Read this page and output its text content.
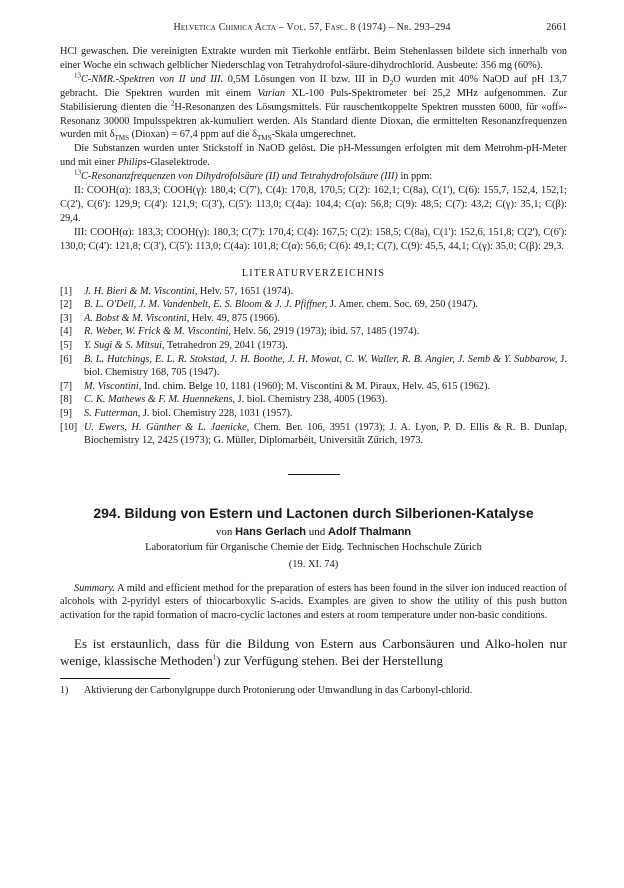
Helvetica Chimica Acta – Vol. 57, Fasc. 8 (1974) – Nr. 293–294	2661

HCl gewaschen. Die vereinigten Extrakte wurden mit Tierkohle entfärbt. Beim Stehenlassen bildete sich innerhalb von einer Woche ein schwach gelblicher Niederschlag von Tetrahydrofol-säure-dihydrochlorid. Ausbeute: 356 mg (60%).

$^{13}$C-NMR.-Spektren von II und III. 0,5M Lösungen von II bzw. III in $D_2O$ wurden mit 40% NaOD auf pH 13,7 gebracht. Die Spektren wurden mit einem Varian XL-100 Puls-Spektrometer bei 25,2 MHz aufgenommen. Zur Stabilisierung dienten die $^2$H-Resonanzen des Lösungsmittels. Für rauschentkoppelte Spektren mussten 6000, für «off»-Resonanz 30000 Impulsspektren ak-kumuliert werden. Als Standard diente Dioxan, die ermittelten Resonanzfrequenzen wurden mit $\delta_{TMS}$ (Dioxan) = 67,4 ppm auf die $\delta_{TMS}$-Skala umgerechnet.

Die Substanzen wurden unter Stickstoff in NaOD gelöst. Die pH-Messungen erfolgten mit dem Metrohm-pH-Meter und mit einer Philips-Glaselektrode.

$^{13}$C-Resonanzfrequenzen von Dihydrofolsäure (II) und Tetrahydrofolsäure (III) in ppm:

II: COOH(α): 183,3; COOH(γ): 180,4; C(7'), C(4): 170,8, 170,5; C(2): 162,1; C(8a), C(1'), C(6): 155,7, 152,4, 152,1; C(2'), C(6'): 129,9; C(4'): 121,9; C(3'), C(5'): 113,0; C(4a): 104,4; C(α): 56,8; C(9): 48,5; C(7): 43,2; C(γ): 35,1; C(β): 29,4.

III: COOH(α): 183,3; COOH(γ): 180,3; C(7'): 170,4; C(4): 167,5; C(2): 158,5; C(8a), C(1'): 152,6, 151,8; C(2'), C(6'): 130,0; C(4'): 121,8; C(3'), C(5'): 113,0; C(4a): 101,8; C(α): 56,6; C(6): 49,1; C(7), C(9): 45,5, 44,1; C(γ): 35,0; C(β): 29,3.

LITERATURVERZEICHNIS
[1]	J. H. Bieri & M. Viscontini, Helv. 57, 1651 (1974).
[2]	B. L. O'Dell, J. M. Vandenbelt, E. S. Bloom & J. J. Pfiffner, J. Amer. chem. Soc. 69, 250 (1947).
[3]	A. Bobst & M. Viscontini, Helv. 49, 875 (1966).
[4]	R. Weber, W. Frick & M. Viscontini, Helv. 56, 2919 (1973); ibid. 57, 1485 (1974).
[5]	Y. Sugi & S. Mitsui, Tetrahedron 29, 2041 (1973).
[6]	B. L. Hutchings, E. L. R. Stokstad, J. H. Boothe, J. H. Mowat, C. W. Waller, R. B. Angier, J. Semb & Y. Subbarow, J. biol. Chemistry 168, 705 (1947).
[7]	M. Viscontini, Ind. chim. Belge 10, 1181 (1960); M. Viscontini & M. Piraux, Helv. 45, 615 (1962).
[8]	C. K. Mathews & F. M. Huennekens, J. biol. Chemistry 238, 4005 (1963).
[9]	S. Futterman, J. biol. Chemistry 228, 1031 (1957).
[10] U. Ewers, H. Günther & L. Jaenicke, Chem. Ber. 106, 3951 (1973); J. A. Lyon, P. D. Ellis & R. B. Dunlap, Biochemistry 12, 2425 (1973); G. Müller, Diplomarbeit, Universität Zürich, 1973.
294. Bildung von Estern und Lactonen durch Silberionen-Katalyse
von Hans Gerlach und Adolf Thalmann
Laboratorium für Organische Chemie der Eidg. Technischen Hochschule Zürich
(19. XI. 74)

Summary. A mild and efficient method for the preparation of esters has been found in the silver ion induced reaction of alcohols with 2-pyridyl esters of thiocarboxylic S-acids. Examples are given to show the utility of this push button activation for the rapid formation of macro-cyclic lactones and esters at room temperature under non-basic conditions.

Es ist erstaunlich, dass für die Bildung von Estern aus Carbonsäuren und Alko-holen nur wenige, klassische Methoden$^1$) zur Verfügung stehen. Bei der Herstellung

1)	Aktivierung der Carbonylgruppe durch Protonierung oder Umwandlung in das Carbonyl-chlorid.
